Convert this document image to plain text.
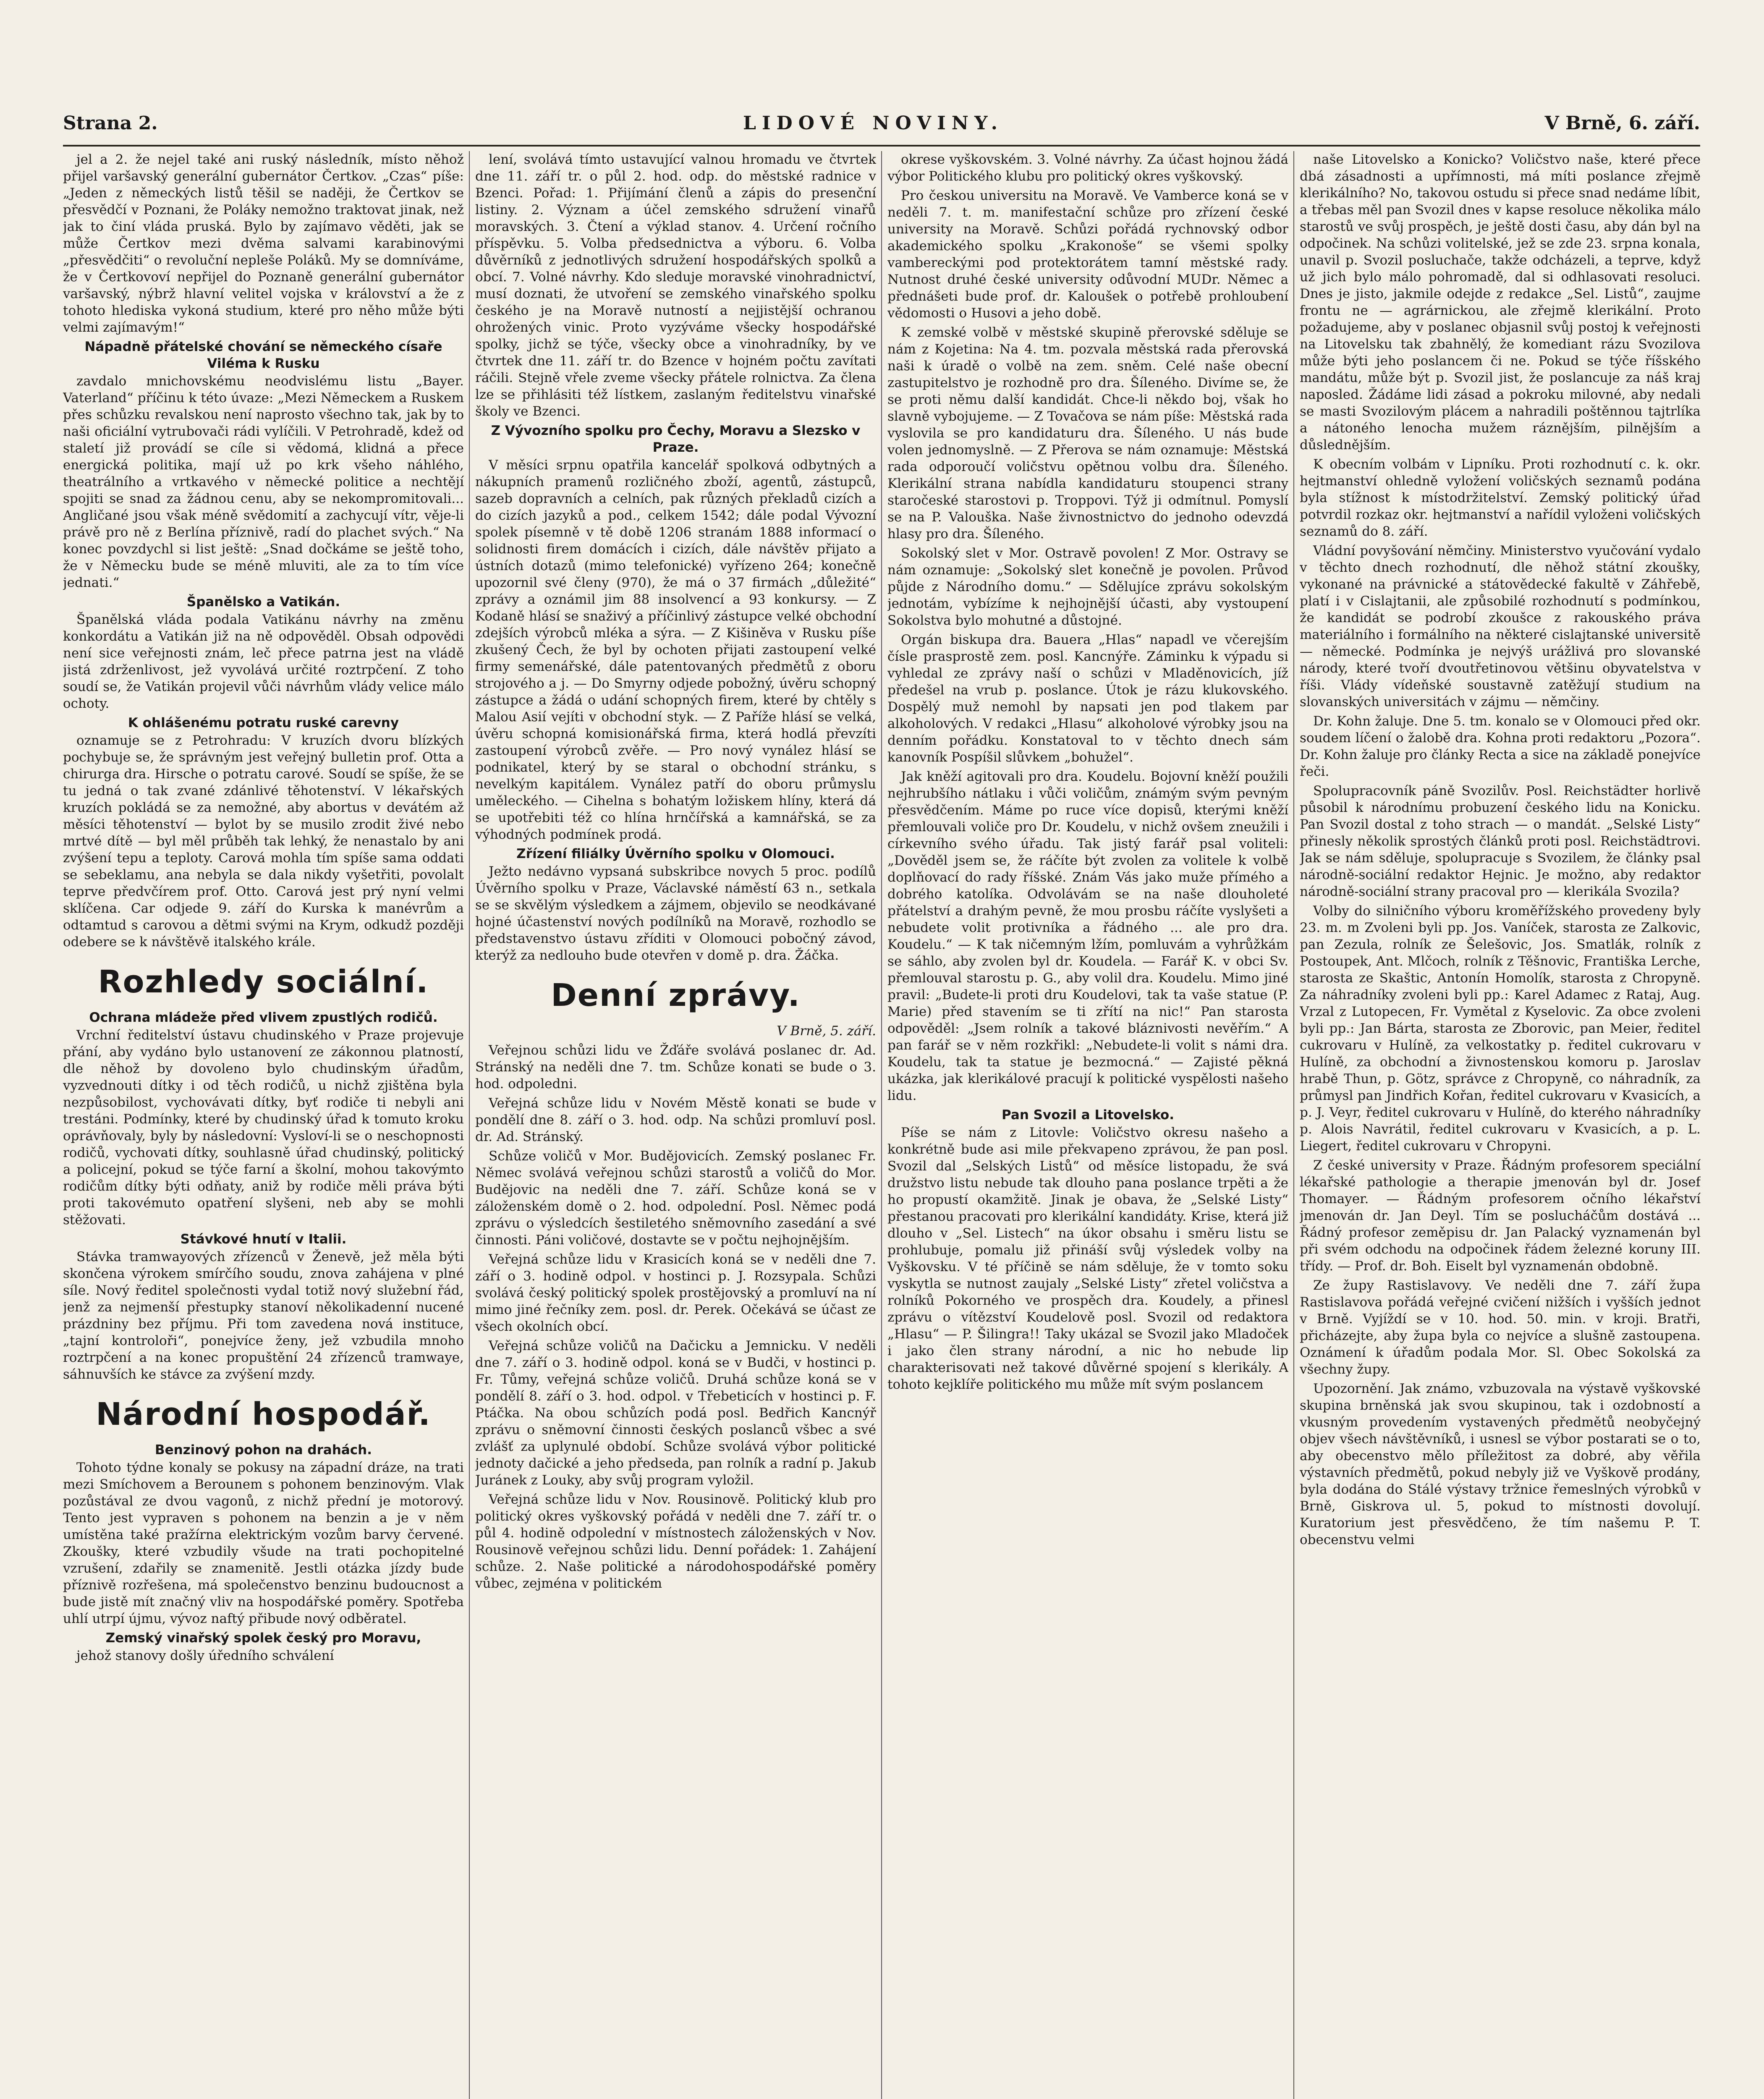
Strana 2.	LIDOVÉ NOVINY.	V Brně, 6. září.

jel a 2. že nejel také ani ruský následník, místo něhož přijel varšavský generální gubernátor Čertkov. „Czas“ píše: „Jeden z německých listů těšil se naději, že Čertkov se přesvědčí v Poznani, že Poláky nemožno traktovat jinak, než jak to činí vláda pruská. Bylo by zajímavo věděti, jak se může Čertkov mezi dvěma salvami karabinovými „přesvědčiti“ o revoluční nepleše Poláků. My se domníváme, že v Čertkovoví nepřijel do Poznaně generální gubernátor varšavský, nýbrž hlavní velitel vojska v království a že z tohoto hlediska vykoná studium, které pro něho může býti velmi zajímavým!“

Nápadně přátelské chování se německého císaře Viléma k Rusku

zavdalo mnichovskému neodvislému listu „Bayer. Vaterland“ příčinu k této úvaze: „Mezi Německem a Ruskem přes schůzku revalskou není naprosto všechno tak, jak by to naši oficiální vytrubovači rádi vylíčili. V Petrohradě, kdež od staletí již provádí se cíle si vědomá, klidná a přece energická politika, mají už po krk všeho náhlého, theatrálního a vrtkavého v německé politice a nechtějí spojiti se snad za žádnou cenu, aby se nekompromitovali... Angličané jsou však méně svědomití a zachycují vítr, věje-li právě pro ně z Berlína příznivě, radí do plachet svých.“ Na konec povzdychl si list ještě: „Snad dočkáme se ještě toho, že v Německu bude se méně mluviti, ale za to tím více jednati.“

Španělsko a Vatikán.

Španělská vláda podala Vatikánu návrhy na změnu konkordátu a Vatikán již na ně odpověděl. Obsah odpovědi není sice veřejnosti znám, leč přece patrna jest na vládě jistá zdrženlivost, jež vyvolává určité roztrpčení. Z toho soudí se, že Vatikán projevil vůči návrhům vlády velice málo ochoty.

K ohlášenému potratu ruské carevny

oznamuje se z Petrohradu: V kruzích dvoru blízkých pochybuje se, že správným jest veřejný bulletin prof. Otta a chirurga dra. Hirsche o potratu carové. Soudí se spíše, že se tu jedná o tak zvané zdánlivé těhotenství. V lékařských kruzích pokládá se za nemožné, aby abortus v devátém až měsíci těhotenství — bylot by se musilo zrodit živé nebo mrtvé dítě — byl měl průběh tak lehký, že nenastalo by ani zvýšení tepu a teploty. Carová mohla tím spíše sama oddati se sebeklamu, ana nebyla se dala nikdy vyšetřiti, povolalt teprve předvčírem prof. Otto. Carová jest prý nyní velmi sklíčena. Car odjede 9. září do Kurska k manévrům a odtamtud s carovou a dětmi svými na Krym, odkudž později odebere se k návštěvě italského krále.

Rozhledy sociální.
Ochrana mládeže před vlivem zpustlých rodičů.

Vrchní ředitelství ústavu chudinského v Praze projevuje přání, aby vydáno bylo ustanovení ze zákonnou platností, dle něhož by dovoleno bylo chudinským úřadům, vyzvednouti dítky i od těch rodičů, u nichž zjištěna byla nezpůsobilost, vychovávati dítky, byť rodiče ti nebyli ani trestáni. Podmínky, které by chudinský úřad k tomuto kroku oprávňovaly, byly by následovní: Vysloví-li se o neschopnosti rodičů, vychovati dítky, souhlasně úřad chudinský, politický a policejní, pokud se týče farní a školní, mohou takovýmto rodičům dítky býti odňaty, aniž by rodiče měli práva býti proti takovémuto opatření slyšeni, neb aby se mohli stěžovati.

Stávkové hnutí v Italii.

Stávka tramwayových zřízenců v Ženevě, jež měla býti skončena výrokem smírčího soudu, znova zahájena v plné síle. Nový ředitel společnosti vydal totiž nový služební řád, jenž za nejmenší přestupky stanoví několikadenní nucené prázdniny bez příjmu. Při tom zavedena nová instituce, „tajní kontroloři“, ponejvíce ženy, jež vzbudila mnoho roztrpčení a na konec propuštění 24 zřízenců tramwaye, sáhnuvších ke stávce za zvýšení mzdy.

Národní hospodář.
Benzinový pohon na drahách.

Tohoto týdne konaly se pokusy na západní dráze, na trati mezi Smíchovem a Berounem s pohonem benzinovým. Vlak pozůstával ze dvou vagonů, z nichž přední je motorový. Tento jest vypraven s pohonem na benzin a je v něm umístěna také pražírna elektrickým vozům barvy červené. Zkoušky, které vzbudily všude na trati pochopitelné vzrušení, zdařily se znamenitě. Jestli otázka jízdy bude příznivě rozřešena, má společenstvo benzinu budoucnost a bude jistě mít značný vliv na hospodářské poměry. Spotřeba uhlí utrpí újmu, vývoz naftý přibude nový odběratel.

Zemský vinařský spolek český pro Moravu,

jehož stanovy došly úředního schválení

lení, svolává tímto ustavující valnou hromadu ve čtvrtek dne 11. září tr. o půl 2. hod. odp. do městské radnice v Bzenci. Pořad: 1. Přijímání členů a zápis do presenční listiny. 2. Význam a účel zemského sdružení vinařů moravských. 3. Čtení a výklad stanov. 4. Určení ročního příspěvku. 5. Volba předsednictva a výboru. 6. Volba důvěrníků z jednotlivých sdružení hospodářských spolků a obcí. 7. Volné návrhy. Kdo sleduje moravské vinohradnictví, musí doznati, že utvoření se zemského vinařského spolku českého je na Moravě nutností a nejjistější ochranou ohrožených vinic. Proto vyzýváme všecky hospodářské spolky, jichž se týče, všecky obce a vinohradníky, by ve čtvrtek dne 11. září tr. do Bzence v hojném počtu zavítati ráčili. Stejně vřele zveme všecky přátele rolnictva. Za člena lze se přihlásiti též lístkem, zaslaným ředitelstvu vinařské školy ve Bzenci.

Z Vývozního spolku pro Čechy, Moravu a Slezsko v Praze.

V měsíci srpnu opatřila kancelář spolková odbytných a nákupních pramenů rozličného zboží, agentů, zástupců, sazeb dopravních a celních, pak různých překladů cizích a do cizích jazyků a pod., celkem 1542; dále podal Vývozní spolek písemně v tě době 1206 stranám 1888 informací o solidnosti firem domácích i cizích, dále návštěv přijato a ústních dotazů (mimo telefonické) vyřízeno 264; konečně upozornil své členy (970), že má o 37 firmách „důležité“ zprávy a oznámil jim 88 insolvencí a 93 konkursy. — Z Kodaně hlásí se snaživý a příčinlivý zástupce velké obchodní zdejších výrobců mléka a sýra. — Z Kišiněva v Rusku píše zkušený Čech, že byl by ochoten přijati zastoupení velké firmy semenářské, dále patentovaných předmětů z oboru strojového a j. — Do Smyrny odjede pobožný, úvěru schopný zástupce a žádá o udání schopných firem, které by chtěly s Malou Asií vejíti v obchodní styk. — Z Paříže hlásí se velká, úvěru schopná komisionářská firma, která hodlá převzíti zastoupení výrobců zvěře. — Pro nový vynález hlásí se podnikatel, který by se staral o obchodní stránku, s nevelkým kapitálem. Vynález patří do oboru průmyslu uměleckého. — Cihelna s bohatým ložiskem hlíny, která dá se upotřebiti též co hlína hrnčířská a kamnářská, se za výhodných podmínek prodá.

Zřízení filiálky Úvěrního spolku v Olomouci.

Ježto nedávno vypsaná subskribce novych 5 proc. podílů Úvěrního spolku v Praze, Václavské náměstí 63 n., setkala se se skvělým výsledkem a zájmem, objevilo se neodkávané hojné účastenství nových podílníků na Moravě, rozhodlo se představenstvo ústavu zříditi v Olomouci pobočný závod, kterýž za nedlouho bude otevřen v domě p. dra. Žáčka.

Denní zprávy.
V Brně, 5. září.

Veřejnou schůzi lidu ve Žďáře svolává poslanec dr. Ad. Stránský na neděli dne 7. tm. Schůze konati se bude o 3. hod. odpoledni.

Veřejná schůze lidu v Novém Městě konati se bude v pondělí dne 8. září o 3. hod. odp. Na schůzi promluví posl. dr. Ad. Stránský.

Schůze voličů v Mor. Budějovicích. Zemský poslanec Fr. Němec svolává veřejnou schůzi starostů a voličů do Mor. Budějovic na neděli dne 7. září. Schůze koná se v záloženském domě o 2. hod. odpolední. Posl. Němec podá zprávu o výsledcích šestiletého sněmovního zasedání a své činnosti. Páni voličové, dostavte se v počtu nejhojnějším.

Veřejná schůze lidu v Krasicích koná se v neděli dne 7. září o 3. hodině odpol. v hostinci p. J. Rozsypala. Schůzi svolává český politický spolek prostějovský a promluví na ní mimo jiné řečníky zem. posl. dr. Perek. Očekává se účast ze všech okolních obcí.

Veřejná schůze voličů na Dačicku a Jemnicku. V neděli dne 7. září o 3. hodině odpol. koná se v Budči, v hostinci p. Fr. Tůmy, veřejná schůze voličů. Druhá schůze koná se v pondělí 8. září o 3. hod. odpol. v Třebeticích v hostinci p. F. Ptáčka. Na obou schůzích podá posl. Bedřich Kancnýř zprávu o sněmovní činnosti českých poslanců všbec a své zvlášť za uplynulé období. Schůze svolává výbor politické jednoty dačické a jeho předseda, pan rolník a radní p. Jakub Juránek z Louky, aby svůj program vyložil.

Veřejná schůze lidu v Nov. Rousinově. Politický klub pro politický okres vyškovský pořádá v neděli dne 7. září tr. o půl 4. hodině odpolední v místnostech záloženských v Nov. Rousinově veřejnou schůzi lidu. Denní pořádek: 1. Zahájení schůze. 2. Naše politické a národohospodářské poměry vůbec, zejména v politickém

okrese vyškovském. 3. Volné návrhy. Za účast hojnou žádá výbor Politického klubu pro politický okres vyškovský.

Pro českou universitu na Moravě. Ve Vamberce koná se v neděli 7. t. m. manifestační schůze pro zřízení české university na Moravě. Schůzi pořádá rychnovský odbor akademického spolku „Krakonoše“ se všemi spolky vambereckými pod protektorátem tamní městské rady. Nutnost druhé české university odůvodní MUDr. Němec a přednášeti bude prof. dr. Kaloušek o potřebě prohloubení vědomosti o Husovi a jeho době.

K zemské volbě v městské skupině přerovské sděluje se nám z Kojetina: Na 4. tm. pozvala městská rada přerovská naši k úradě o volbě na zem. sněm. Celé naše obecní zastupitelstvo je rozhodně pro dra. Šíleného. Divíme se, že se proti němu další kandidát. Chce-li někdo boj, však ho slavně vybojujeme. — Z Tovačova se nám píše: Městská rada vyslovila se pro kandidaturu dra. Šíleného. U nás bude volen jednomyslně. — Z Přerova se nám oznamuje: Městská rada odporoučí voličstvu opětnou volbu dra. Šíleného. Klerikální strana nabídla kandidaturu stoupenci strany staročeské starostovi p. Troppovi. Týž ji odmítnul. Pomyslí se na P. Valouška. Naše živnostnictvo do jednoho odevzdá hlasy pro dra. Šíleného.

Sokolský slet v Mor. Ostravě povolen! Z Mor. Ostravy se nám oznamuje: „Sokolský slet konečně je povolen. Průvod půjde z Národního domu.“ — Sdělujíce zprávu sokolským jednotám, vybízíme k nejhojnější účasti, aby vystoupení Sokolstva bylo mohutné a důstojné.

Orgán biskupa dra. Bauera „Hlas“ napadl ve včerejším čísle prasprostě zem. posl. Kancnýře. Záminku k výpadu si vyhledal ze zprávy naší o schůzi v Mladěnovicích, jíž předešel na vrub p. poslance. Útok je rázu klukovského. Dospělý muž nemohl by napsati jen pod tlakem par alkoholových. V redakci „Hlasu“ alkoholové výrobky jsou na denním pořádku. Konstatoval to v těchto dnech sám kanovník Pospíšil slůvkem „bohužel“.

Jak kněží agitovali pro dra. Koudelu. Bojovní kněží použili nejhrubšího nátlaku i vůči voličům, známým svým pevným přesvědčením. Máme po ruce více dopisů, kterými kněží přemlouvali voliče pro Dr. Koudelu, v nichž ovšem zneužili i církevního svého úřadu. Tak jistý farář psal voliteli: „Dověděl jsem se, že ráčíte být zvolen za volitele k volbě doplňovací do rady říšské. Znám Vás jako muže přímého a dobrého katolíka. Odvolávám se na naše dlouholeté přátelství a drahým pevně, že mou prosbu ráčíte vyslyšeti a nebudete volit protivníka a řádného ... ale pro dra. Koudelu.“ — K tak ničemným lžím, pomluvám a vyhrůžkám se sáhlo, aby zvolen byl dr. Koudela. — Farář K. v obci Sv. přemlouval starostu p. G., aby volil dra. Koudelu. Mimo jiné pravil: „Budete-li proti dru Koudelovi, tak ta vaše statue (P. Marie) před stavením se ti zřítí na nic!“ Pan starosta odpověděl: „Jsem rolník a takové bláznivosti nevěřím.“ A pan farář se v něm rozkřikl: „Nebudete-li volit s námi dra. Koudelu, tak ta statue je bezmocná.“ — Zajisté pěkná ukázka, jak klerikálové pracují k politické vyspělosti našeho lidu.

Pan Svozil a Litovelsko.

Píše se nám z Litovle: Voličstvo okresu našeho a konkrétně bude asi mile překvapeno zprávou, že pan posl. Svozil dal „Selských Listů“ od měsíce listopadu, že svá družstvo listu nebude tak dlouho pana poslance trpěti a že ho propustí okamžitě. Jinak je obava, že „Selské Listy“ přestanou pracovati pro klerikální kandidáty. Krise, která již dlouho v „Sel. Listech“ na úkor obsahu i směru listu se prohlubuje, pomalu již přináší svůj výsledek volby na Vyškovsku. V té příčině se nám sděluje, že v tomto soku vyskytla se nutnost zaujaly „Selské Listy“ zřetel voličstva a rolníků Pokorného ve prospěch dra. Koudely, a přinesl zprávu o vítězství Koudelově posl. Svozil od redaktora „Hlasu“ — P. Šilingra!! Taky ukázal se Svozil jako Mladoček i jako člen strany národní, a nic ho nebude lip charakterisovati než takové důvěrné spojení s klerikály. A tohoto kejklíře politického mu může mít svým poslancem

naše Litovelsko a Konicko? Voličstvo naše, které přece dbá zásadnosti a upřímnosti, má míti poslance zřejmě klerikálního? No, takovou ostudu si přece snad nedáme líbit, a třebas měl pan Svozil dnes v kapse resoluce několika málo starostů ve svůj prospěch, je ještě dosti času, aby dán byl na odpočinek. Na schůzi volitelské, jež se zde 23. srpna konala, unavil p. Svozil posluchače, takže odcházeli, a teprve, když už jich bylo málo pohromadě, dal si odhlasovati resoluci. Dnes je jisto, jakmile odejde z redakce „Sel. Listů“, zaujme frontu ne — agrárnickou, ale zřejmě klerikální. Proto požadujeme, aby v poslanec objasnil svůj postoj k veřejnosti na Litovelsku tak zbahnělý, že komediant rázu Svozilova může býti jeho poslancem či ne. Pokud se týče říšského mandátu, může být p. Svozil jist, že poslancuje za náš kraj naposled. Žádáme lidi zásad a pokroku milovné, aby nedali se masti Svozilovým plácem a nahradili poštěnnou tajtrlíka a nátoného lenocha mužem ráznějším, pilnějším a důslednějším.

K obecním volbám v Lipníku. Proti rozhodnutí c. k. okr. hejtmanství ohledně vyložení voličských seznamů podána byla stížnost k místodržitelství. Zemský politický úřad potvrdil rozkaz okr. hejtmanství a nařídil vyloženi voličských seznamů do 8. září.

Vládní povyšování němčiny. Ministerstvo vyučování vydalo v těchto dnech rozhodnutí, dle něhož státní zkoušky, vykonané na právnické a státovědecké fakultě v Záhřebě, platí i v Cislajtanii, ale způsobilé rozhodnutí s podmínkou, že kandidát se podrobí zkoušce z rakouského práva materiálního i formálního na některé cislajtanské universitě — německé. Podmínka je nejvýš urážlivá pro slovanské národy, které tvoří dvoutřetinovou většinu obyvatelstva v říši. Vlády vídeňské soustavně zatěžují studium na slovanských universitách v zájmu — němčiny.

Dr. Kohn žaluje. Dne 5. tm. konalo se v Olomouci před okr. soudem líčení o žalobě dra. Kohna proti redaktoru „Pozora“. Dr. Kohn žaluje pro články Recta a sice na základě ponejvíce řeči.

Spolupracovník páně Svozilův. Posl. Reichstädter horlivě působil k národnímu probuzení českého lidu na Konicku. Pan Svozil dostal z toho strach — o mandát. „Selské Listy“ přinesly několik sprostých článků proti posl. Reichstädtrovi. Jak se nám sděluje, spolupracuje s Svozilem, že články psal národně-sociální redaktor Hejnic. Je možno, aby redaktor národně-sociální strany pracoval pro — klerikála Svozila?

Volby do silničního výboru kroměřížského provedeny byly 23. m. m Zvoleni byli pp. Jos. Vaníček, starosta ze Zalkovic, pan Zezula, rolník ze Šelešovic, Jos. Smatlák, rolník z Postoupek, Ant. Mlčoch, rolník z Těšnovic, Františka Lerche, starosta ze Skaštic, Antonín Homolík, starosta z Chropyně. Za náhradníky zvoleni byli pp.: Karel Adamec z Rataj, Aug. Vrzal z Lutopecen, Fr. Vymětal z Kyselovic. Za obce zvoleni byli pp.: Jan Bárta, starosta ze Zborovic, pan Meier, ředitel cukrovaru v Hulíně, za velkostatky p. ředitel cukrovaru v Hulíně, za obchodní a živnostenskou komoru p. Jaroslav hrabě Thun, p. Götz, správce z Chropyně, co náhradník, za průmysl pan Jindřich Kořan, ředitel cukrovaru v Kvasicích, a p. J. Veyr, ředitel cukrovaru v Hulíně, do kterého náhradníky p. Alois Navrátil, ředitel cukrovaru v Kvasicích, a p. L. Liegert, ředitel cukrovaru v Chropyni.

Z české university v Praze. Řádným profesorem speciální lékařské pathologie a therapie jmenován byl dr. Josef Thomayer. — Řádným profesorem očního lékařství jmenován dr. Jan Deyl. Tím se poslucháčům dostává ... Řádný profesor zeměpisu dr. Jan Palacký vyznamenán byl při svém odchodu na odpočinek řádem železné koruny III. třídy. — Prof. dr. Boh. Eiselt byl vyznamenán obdobně.

Ze župy Rastislavovy. Ve neděli dne 7. září župa Rastislavova pořádá veřejné cvičení nižších i vyšších jednot v Brně. Vyjíždí se v 10. hod. 50. min. v kroji. Bratři, přicházejte, aby župa byla co nejvíce a slušně zastoupena. Oznámení k úřadům podala Mor. Sl. Obec Sokolská za všechny župy.

Upozornění. Jak známo, vzbuzovala na výstavě vyškovské skupina brněnská jak svou skupinou, tak i ozdobností a vkusným provedením vystavených předmětů neobyčejný objev všech návštěvníků, i usnesl se výbor postarati se o to, aby obecenstvo mělo příležitost za dobré, aby věřila výstavních předmětů, pokud nebyly již ve Vyškově prodány, byla dodána do Stálé výstavy tržnice řemeslných výrobků v Brně, Giskrova ul. 5, pokud to místnosti dovolují. Kuratorium jest přesvědčeno, že tím našemu P. T. obecenstvu velmi
